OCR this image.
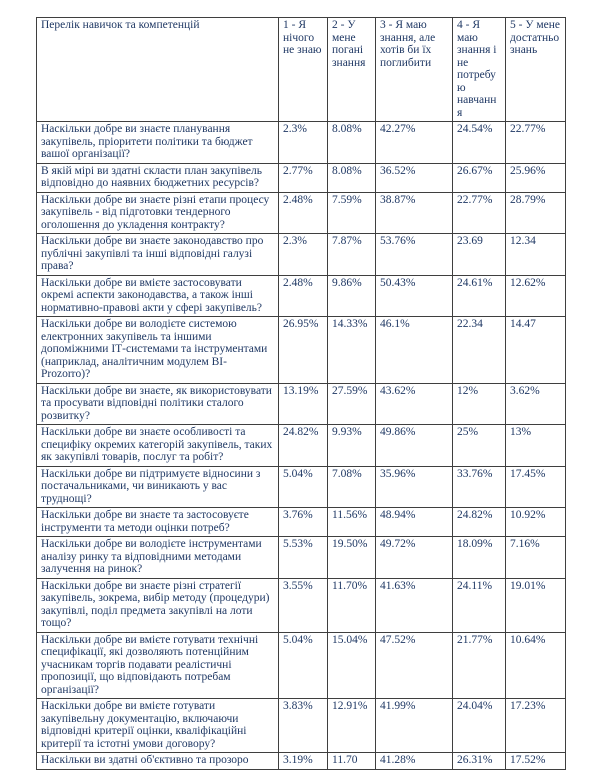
Перелік навичок та компетенцій	1 - Я нічого не знаю	2 - У мене погані знання	3 - Я маю знання, але хотів би їх поглибити	4 - Я маю знання і не потребую навчання	5 - У мене достатньо знань
Наскільки добре ви знаєте планування закупівель, пріоритети політики та бюджет вашої організації?	2.3%	8.08%	42.27%	24.54%	22.77%
В якій мірі ви здатні скласти план закупівель відповідно до наявних бюджетних ресурсів?	2.77%	8.08%	36.52%	26.67%	25.96%
Наскільки добре ви знаєте різні етапи процесу закупівель - від підготовки тендерного оголошення до укладення контракту?	2.48%	7.59%	38.87%	22.77%	28.79%
Наскільки добре ви знаєте законодавство про публічні закупівлі та інші відповідні галузі права?	2.3%	7.87%	53.76%	23.69	12.34
Наскільки добре ви вмієте застосовувати окремі аспекти законодавства, а також інші нормативно-правові акти у сфері закупівель?	2.48%	9.86%	50.43%	24.61%	12.62%
Наскільки добре ви володієте системою електронних закупівель та іншими допоміжними ІТ-системами та інструментами (наприклад, аналітичним модулем BI-Prozorro)?	26.95%	14.33%	46.1%	22.34	14.47
Наскільки добре ви знаєте, як використовувати та просувати відповідні політики сталого розвитку?	13.19%	27.59%	43.62%	12%	3.62%
Наскільки добре ви знаєте особливості та специфіку окремих категорій закупівель, таких як закупівлі товарів, послуг та робіт?	24.82%	9.93%	49.86%	25%	13%
Наскільки добре ви підтримуєте відносини з постачальниками, чи виникають у вас труднощі?	5.04%	7.08%	35.96%	33.76%	17.45%
Наскільки добре ви знаєте та застосовуєте інструменти та методи оцінки потреб?	3.76%	11.56%	48.94%	24.82%	10.92%
Наскільки добре ви володієте інструментами аналізу ринку та відповідними методами залучення на ринок?	5.53%	19.50%	49.72%	18.09%	7.16%
Наскільки добре ви знаєте різні стратегії закупівель, зокрема, вибір методу (процедури) закупівлі, поділ предмета закупівлі на лоти тощо?	3.55%	11.70%	41.63%	24.11%	19.01%
Наскільки добре ви вмієте готувати технічні специфікації, які дозволяють потенційним учасникам торгів подавати реалістичні пропозиції, що відповідають потребам організації?	5.04%	15.04%	47.52%	21.77%	10.64%
Наскільки добре ви вмієте готувати закупівельну документацію, включаючи відповідні критерії оцінки, кваліфікаційні критерії та істотні умови договору?	3.83%	12.91%	41.99%	24.04%	17.23%
Наскільки ви здатні об'єктивно та прозоро	3.19%	11.70	41.28%	26.31%	17.52%
